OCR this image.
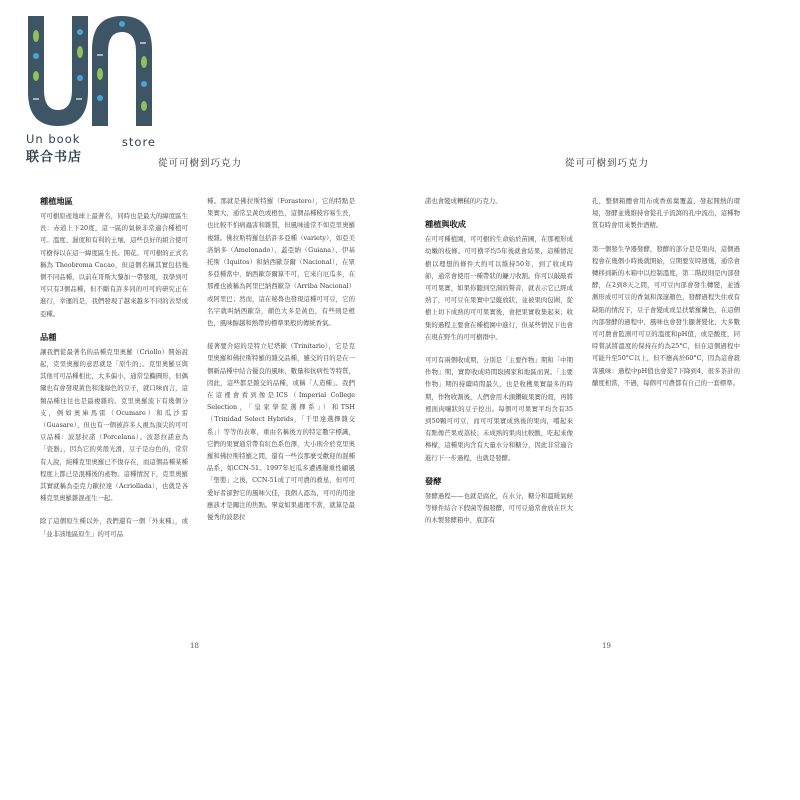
Un book	store
联合书店	從可可樹到巧克力	從可可樹到巧克力
種植地區

可可樹原產地球上最著名，同時也是最大的緯度區生長：赤道上下20度，這一區的氣候非常適合種植可可。溫度、濕度和有利的土壤，這些良好的組合使可可樹得以在這一緯度區生長。開花。可可樹的正式名稱為 Theobroma Cacao，但這個名稱其實包括幾個不同品種，以前在哥斯大黎加一帶發現，我學到可可只有3個品種，但不斷有許多同的可可的研究正在進行，幸運的是，我們發現了越來越多不同的表型或亞種。

品種

讓我們從最著名的品種克里奧羅（Criollo）開始說起，克里奧羅的意思就是「原生的」。克里奧羅豆與其他可可品種相比，大多偏小，通常呈橢圓形，但偶爾也有會發現黃色和淺綠色的豆子，就口味而言，這類品種往往也是最複雜的。克里奧羅流下有幾個分支，例如奧庫馬雷（Ocumare）和瓜沙雷（Guasare），但也有一個被許多人視為頂尖的可可豆品種：波瑟拉諾（Porcelana）。波瑟拉諾意為「瓷器」，因為它的莢殼光滑，豆子是白色的，常常有人說，純種克里奧羅已不復存在，而這個品種某種程度上都已是混種後的產物。這種情況下，克里奧羅其實就稱為亞克力歐拉達（Acriollada），也就是各種克里奧羅雜混產生一起。

除了這個原生種以外，我們還有一個「外來種」，或「並非該地區原生」的可可品

種。那就是佛拉斯特羅（Forastero），它的特點是果實大，通常呈黃色或橙色，這個品種稜容易生長，也比較不怕病蟲害和雜質，但風味通常不如克里奧羅複雜。佛拉斯特羅包括許多亞種（variety），如亞美洛納多（Amelonado）、蓋亞納（Guiana）、伊基托斯（Iquitos）和納西歐奈爾（Nacional），在眾多亞種當中，納西歐奈爾算不可，它來自厄瓜多，在那裡也被稱為阿里巴納西歐奈（Arriba Nacional）或阿里巴；然而，這在秘魯也發現這種可可豆，它的名字就叫納西歐奈，顏色大多是黃色，有些則是橙色，風味醇越和熱帶的標準果般的傳統香氣。

接著要介紹的是特立尼塔歐（Trinitario），它是克里奧羅和佛拉斯特羅的雜交品種，雖交的目的是在一個新品種中結合優良的風味，數量和抗病性等特質，因此，這些都是雜交的品種，或稱「人造種」。我們在這裡會看到像是ICS（Imperial College Selection，「皇家學院選擇系」）和TSH（Trinidad Select Hybrids，「千里達選擇雜交系」）等等的表單，重由名稱後方的特定數字標識，它們的果實通常帶有紅色系色澤，大小則介於克里奧羅和佛拉斯特羅之間，還有一些沒那麼受歡迎的混種品系，如CCN-51。1997年厄瓜多遭遇嚴重性顧風「聖嬰」之後，CCN-51成了可可農的救星，但可可愛好者卻對它的風味欠佳，我個人認為，可可的用途應該才是關注的焦點。畢竟如果處理不當，就算是最優秀的波瑟拉

諾也會變成糟糕的巧克力。

種植與收成

在可可種植園，可可樹的生命始於苗圃，在那裡形成幼嫩的枝條。可可樹平均5年後就會結果，這種情況樹以理想的條件大約可以維持50年，到了收成時節，通常會使用一種帶狀的鐮刀收割。你可以敲敲看可可果實，如果你聽到空洞的聲音，就表示它已經成熟了，可可豆在果實中呈縱放狀，並被果肉包圍，從樹上切下成熟的可可果實後，會把果實收集起來；收集的過程主要會在種植園中進行，但某些情況下也會在現在野生的可可樹群中。

可可有兩個收成期，分別是「主要作物」期和「中期作物」期，實際收成時間取國家和地區而異。「主要作物」期的持續時間最久，也是收穫果實最多的時期，作物收割後，人們會用木頭鑽破果實的殼，再將裡面肉嚷狀的豆子挖出。每個可可果實平均含有35到50顆可可豆，而可可果實成熟後的果肉，嚐起來有點像芒果或荔枝；未成熟的果肉比較酸，吃起來像檸檬，這種果肉含有大量水分和糖分，因此非常適合進行下一步過程，也就是發酵。

發酵

發酵過程——也就是腐化，在水分，糖分和溫暖氣候等條件結合下假菌等揚發酵，可可豆通常會放在巨大的木製發酵箱中，底部有

孔，整個箱體會用布或香蕉葉覆蓋，發起開熱的環境，發酵並幾維持會從孔子流瀉的孔中流出，這種物質有時會用來製作酒精。

第一個發生孕器發酵，發酵的部分是是果肉，這個過程會在幾個小時後就開始，豆期要安時週幾，通常會轉移到新的木箱中以控制溫度，第二階段則是內部發酵，在2到8天之間，可可豆內部會發生轉變，並透漸形成可可豆的香氣和深邃顏色，發酵過程失住或有缺陷的情況下，豆子會變成或呈扶紫羅蘭色，在這個內部發酵的過程中，風味也會發生顯著變化，大多數可可農會監測可可豆的溫度和pH值，或是酸度，同時嘗試將溫度的保持在約為25°C，但在這個過程中可能升至50°C以上，但不應高於60°C，因為這會殺害風味：過程中pH值也會從7下降到4，很多茶計的醣度相當，不過，每個可可農都有自己的一套標準。

18	19
